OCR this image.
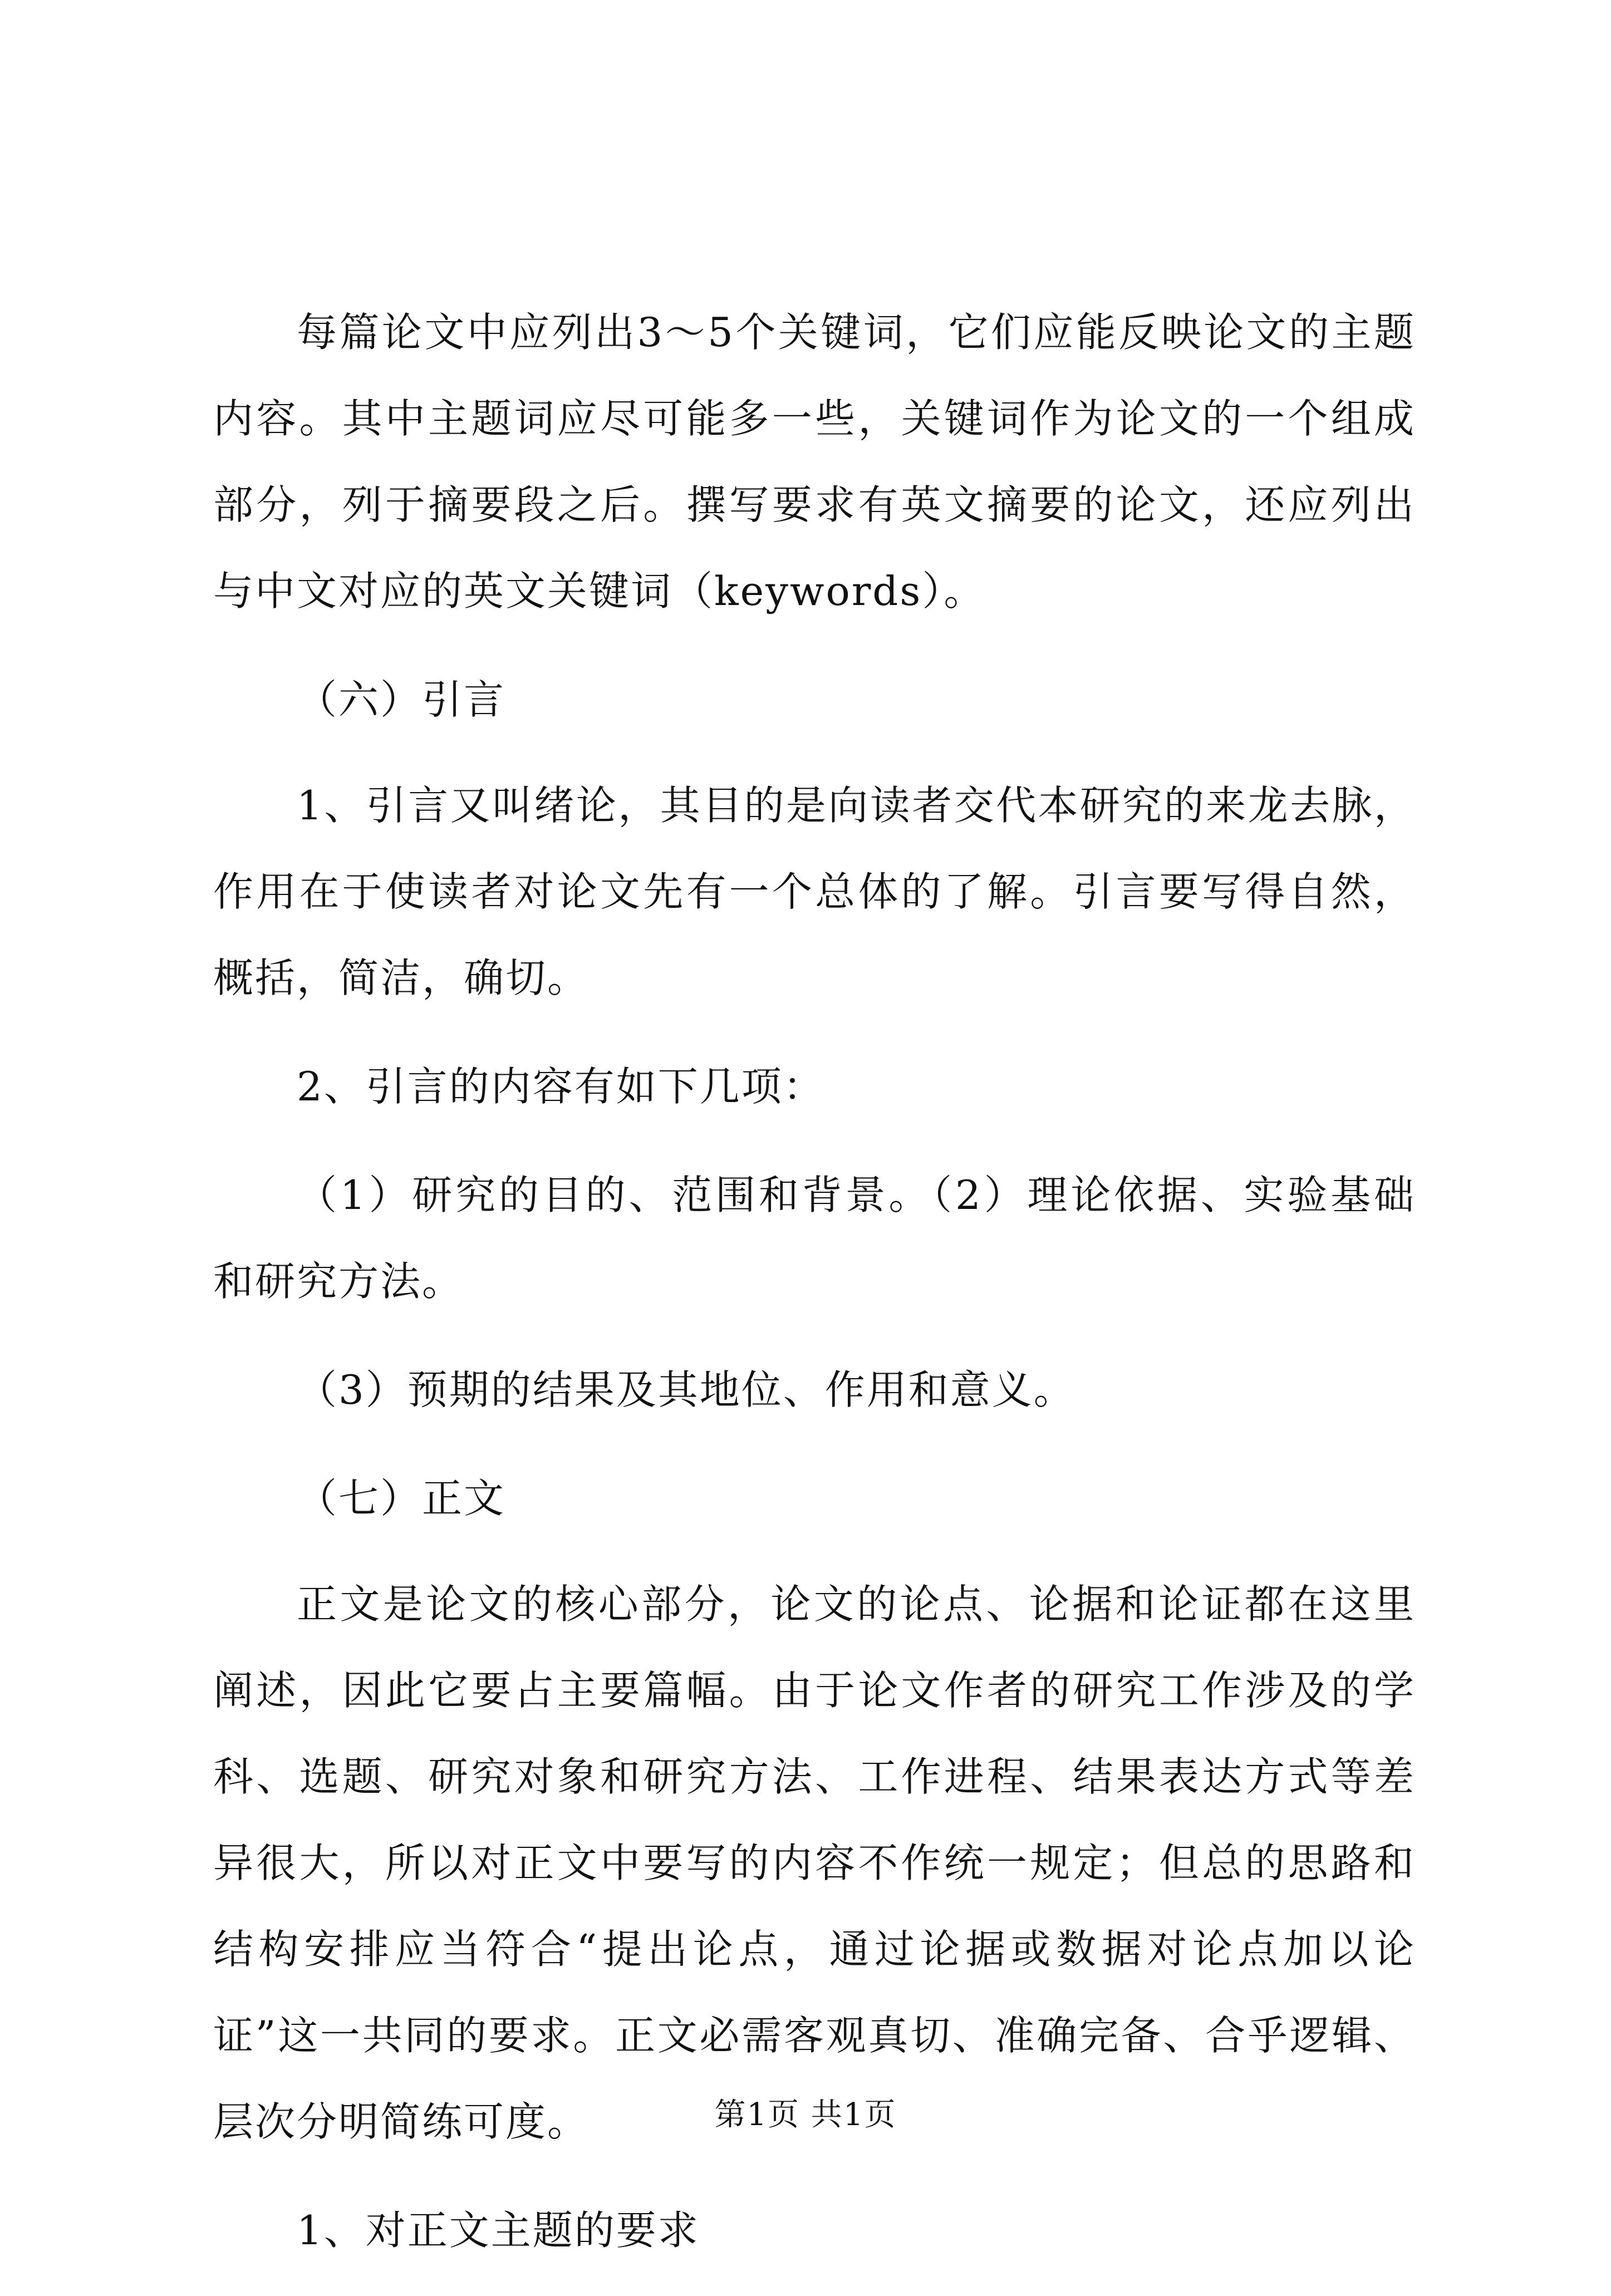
每篇论文中应列出3～5个关键词，它们应能反映论文的主题内容。其中主题词应尽可能多一些，关键词作为论文的一个组成部分，列于摘要段之后。撰写要求有英文摘要的论文，还应列出与中文对应的英文关键词（keywords）。

（六）引言

1、引言又叫绪论，其目的是向读者交代本研究的来龙去脉，作用在于使读者对论文先有一个总体的了解。引言要写得自然，概括，简洁，确切。

2、引言的内容有如下几项：

（1）研究的目的、范围和背景。（2）理论依据、实验基础和研究方法。

（3）预期的结果及其地位、作用和意义。

（七）正文

正文是论文的核心部分，论文的论点、论据和论证都在这里阐述，因此它要占主要篇幅。由于论文作者的研究工作涉及的学科、选题、研究对象和研究方法、工作进程、结果表达方式等差异很大，所以对正文中要写的内容不作统一规定；但总的思路和结构安排应当符合“提出论点，通过论据或数据对论点加以论证”这一共同的要求。正文必需客观真切、准确完备、合乎逻辑、层次分明简练可度。

1、对正文主题的要求

第1页 共1页
